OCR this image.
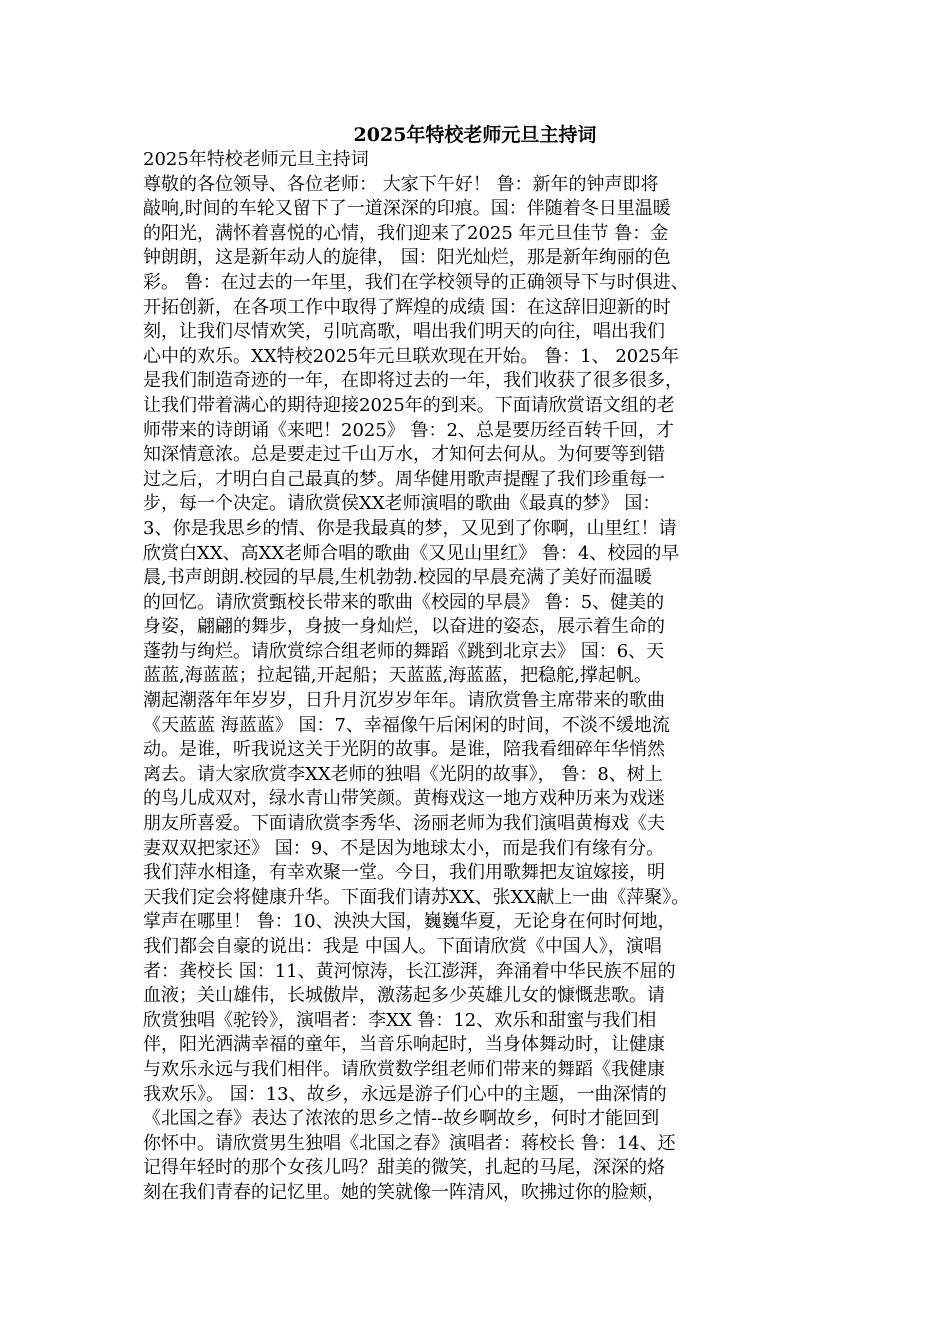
2025年特校老师元旦主持词
2025年特校老师元旦主持词
尊敬的各位领导、各位老师： 大家下午好！ 鲁：新年的钟声即将
敲响,时间的车轮又留下了一道深深的印痕。国：伴随着冬日里温暖
的阳光，满怀着喜悦的心情，我们迎来了2025 年元旦佳节 鲁：金
钟朗朗，这是新年动人的旋律， 国：阳光灿烂，那是新年绚丽的色
彩。 鲁：在过去的一年里，我们在学校领导的正确领导下与时俱进、
开拓创新，在各项工作中取得了辉煌的成绩 国：在这辞旧迎新的时
刻，让我们尽情欢笑，引吭高歌，唱出我们明天的向往，唱出我们
心中的欢乐。XX特校2025年元旦联欢现在开始。 鲁：1、 2025年
是我们制造奇迹的一年，在即将过去的一年，我们收获了很多很多，
让我们带着满心的期待迎接2025年的到来。下面请欣赏语文组的老
师带来的诗朗诵《来吧！2025》 鲁：2、总是要历经百转千回，才
知深情意浓。总是要走过千山万水，才知何去何从。为何要等到错
过之后，才明白自己最真的梦。周华健用歌声提醒了我们珍重每一
步，每一个决定。请欣赏侯XX老师演唱的歌曲《最真的梦》 国：
3、你是我思乡的情、你是我最真的梦，又见到了你啊，山里红！请
欣赏白XX、高XX老师合唱的歌曲《又见山里红》 鲁：4、校园的早
晨,书声朗朗.校园的早晨,生机勃勃.校园的早晨充满了美好而温暖
的回忆。请欣赏甄校长带来的歌曲《校园的早晨》 鲁：5、健美的
身姿，翩翩的舞步，身披一身灿烂，以奋进的姿态，展示着生命的
蓬勃与绚烂。请欣赏综合组老师的舞蹈《跳到北京去》 国：6、天
蓝蓝,海蓝蓝；拉起锚,开起船；天蓝蓝,海蓝蓝，把稳舵,撑起帆。
潮起潮落年年岁岁，日升月沉岁岁年年。请欣赏鲁主席带来的歌曲
《天蓝蓝 海蓝蓝》 国：7、幸福像午后闲闲的时间，不淡不缓地流
动。是谁，听我说这关于光阴的故事。是谁，陪我看细碎年华悄然
离去。请大家欣赏李XX老师的独唱《光阴的故事》， 鲁：8、树上
的鸟儿成双对，绿水青山带笑颜。黄梅戏这一地方戏种历来为戏迷
朋友所喜爱。下面请欣赏李秀华、汤丽老师为我们演唱黄梅戏《夫
妻双双把家还》 国：9、不是因为地球太小，而是我们有缘有分。
我们萍水相逢，有幸欢聚一堂。今日，我们用歌舞把友谊嫁接，明
天我们定会将健康升华。下面我们请苏XX、张XX献上一曲《萍聚》。
掌声在哪里！ 鲁：10、泱泱大国，巍巍华夏，无论身在何时何地，
我们都会自豪的说出：我是 中国人。下面请欣赏《中国人》，演唱
者：龚校长 国：11、黄河惊涛，长江澎湃，奔涌着中华民族不屈的
血液；关山雄伟，长城傲岸，激荡起多少英雄儿女的慷慨悲歌。请
欣赏独唱《驼铃》，演唱者：李XX 鲁：12、欢乐和甜蜜与我们相
伴，阳光洒满幸福的童年，当音乐响起时，当身体舞动时，让健康
与欢乐永远与我们相伴。请欣赏数学组老师们带来的舞蹈《我健康
我欢乐》。 国：13、故乡，永远是游子们心中的主题，一曲深情的
《北国之春》表达了浓浓的思乡之情--故乡啊故乡，何时才能回到
你怀中。请欣赏男生独唱《北国之春》演唱者：蒋校长 鲁：14、还
记得年轻时的那个女孩儿吗？甜美的微笑，扎起的马尾，深深的烙
刻在我们青春的记忆里。她的笑就像一阵清风，吹拂过你的脸颊，
